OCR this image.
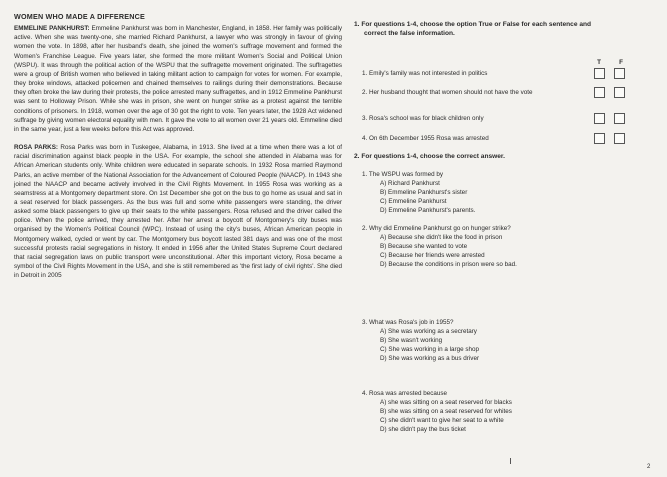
WOMEN WHO MADE A DIFFERENCE

EMMELINE PANKHURST: Emmeline Pankhurst was born in Manchester, England, in 1858. Her family was politically active. When she was twenty-one, she married Richard Pankhurst, a lawyer who was strongly in favour of giving women the vote. In 1898, after her husband's death, she joined the women's suffrage movement and formed the Women's Franchise League. Five years later, she formed the more militant Women's Social and Political Union (WSPU). It was through the political action of the WSPU that the suffragette movement originated. The suffragettes were a group of British women who believed in taking militant action to campaign for votes for women. For example, they broke windows, attacked policemen and chained themselves to railings during their demonstrations. Because they often broke the law during their protests, the police arrested many suffragettes, and in 1912 Emmeline Pankhurst was sent to Holloway Prison. While she was in prison, she went on hunger strike as a protest against the terrible conditions of prisoners. In 1918, women over the age of 30 got the right to vote. Ten years later, the 1928 Act widened suffrage by giving women electoral equality with men. It gave the vote to all women over 21 years old. Emmeline died in the same year, just a few weeks before this Act was approved.

ROSA PARKS: Rosa Parks was born in Tuskegee, Alabama, in 1913. She lived at a time when there was a lot of racial discrimination against black people in the USA. For example, the school she attended in Alabama was for African American students only. White children were educated in separate schools. In 1932 Rosa married Raymond Parks, an active member of the National Association for the Advancement of Coloured People (NAACP). In 1943 she joined the NAACP and became actively involved in the Civil Rights Movement. In 1955 Rosa was working as a seamstress at a Montgomery department store. On 1st December she got on the bus to go home as usual and sat in a seat reserved for black passengers. As the bus was full and some white passengers were standing, the driver asked some black passengers to give up their seats to the white passengers. Rosa refused and the driver called the police. When the police arrived, they arrested her. After her arrest a boycott of Montgomery's city buses was organised by the Women's Political Council (WPC). Instead of using the city's buses, African American people in Montgomery walked, cycled or went by car. The Montgomery bus boycott lasted 381 days and was one of the most successful protests racial segregations in history. It ended in 1956 after the United States Supreme Court declared that racial segregation laws on public transport were unconstitutional. After this important victory, Rosa became a symbol of the Civil Rights Movement in the USA, and she is still remembered as 'the first lady of civil rights'. She died in Detroit in 2005

1. For questions 1-4, choose the option True or False for each sentence and

correct the false information.

T	F
1. Emily's family was not interested in politics
2. Her husband thought that women should not have the vote
3. Rosa's school was for black children only
4. On 6th December 1955 Rosa was arrested

2. For questions 1-4, choose the correct answer.

1. The WSPU was formed by
A) Richard Pankhurst
B) Emmeline Pankhurst's sister
C) Emmeline Pankhurst
D) Emmeline Pankhurst's parents.
2. Why did Emmeline Pankhurst go on hunger strike?
A) Because she didn't like the food in prison
B) Because she wanted to vote
C) Because her friends were arrested
D) Because the conditions in prison were so bad.
3. What was Rosa's job in 1955?
A) She was working as a secretary
B) She wasn't working
C) She was working in a large shop
D) She was working as a bus driver
4. Rosa was arrested because
A) she was sitting on a seat reserved for blacks
B) she was sitting on a seat reserved for whites
C) she didn't want to give her seat to a white
D) she didn't pay the bus ticket
2
